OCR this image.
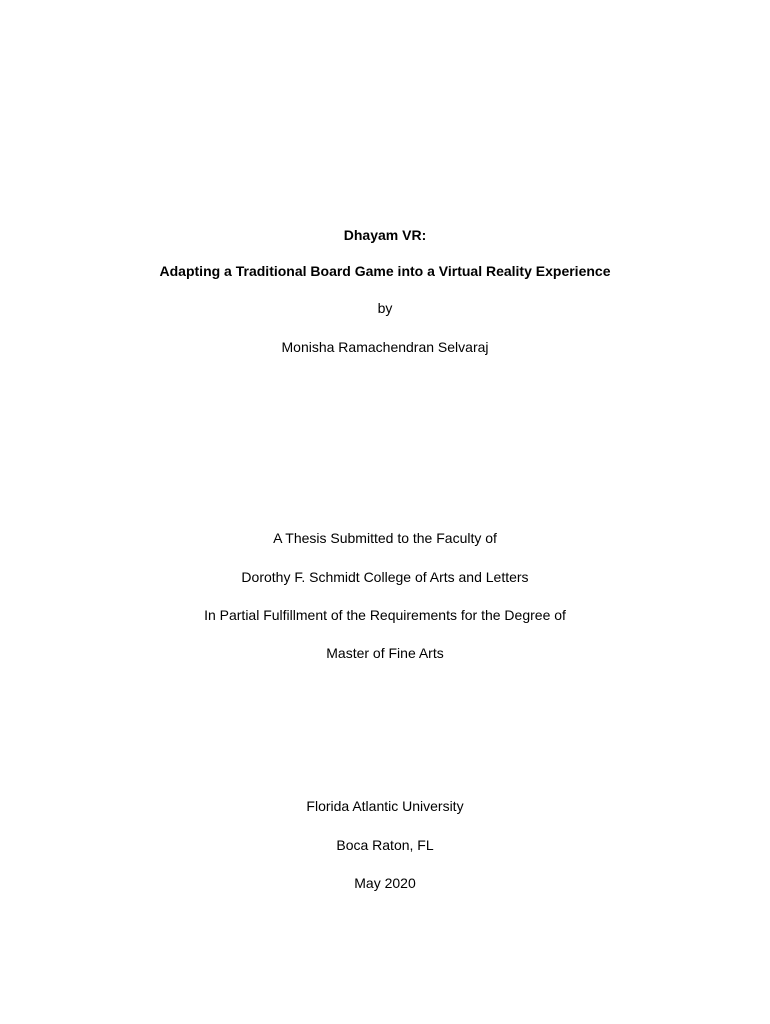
Dhayam VR:
Adapting a Traditional Board Game into a Virtual Reality Experience
by
Monisha Ramachendran Selvaraj
A Thesis Submitted to the Faculty of
Dorothy F. Schmidt College of Arts and Letters
In Partial Fulfillment of the Requirements for the Degree of
Master of Fine Arts
Florida Atlantic University
Boca Raton, FL
May 2020
